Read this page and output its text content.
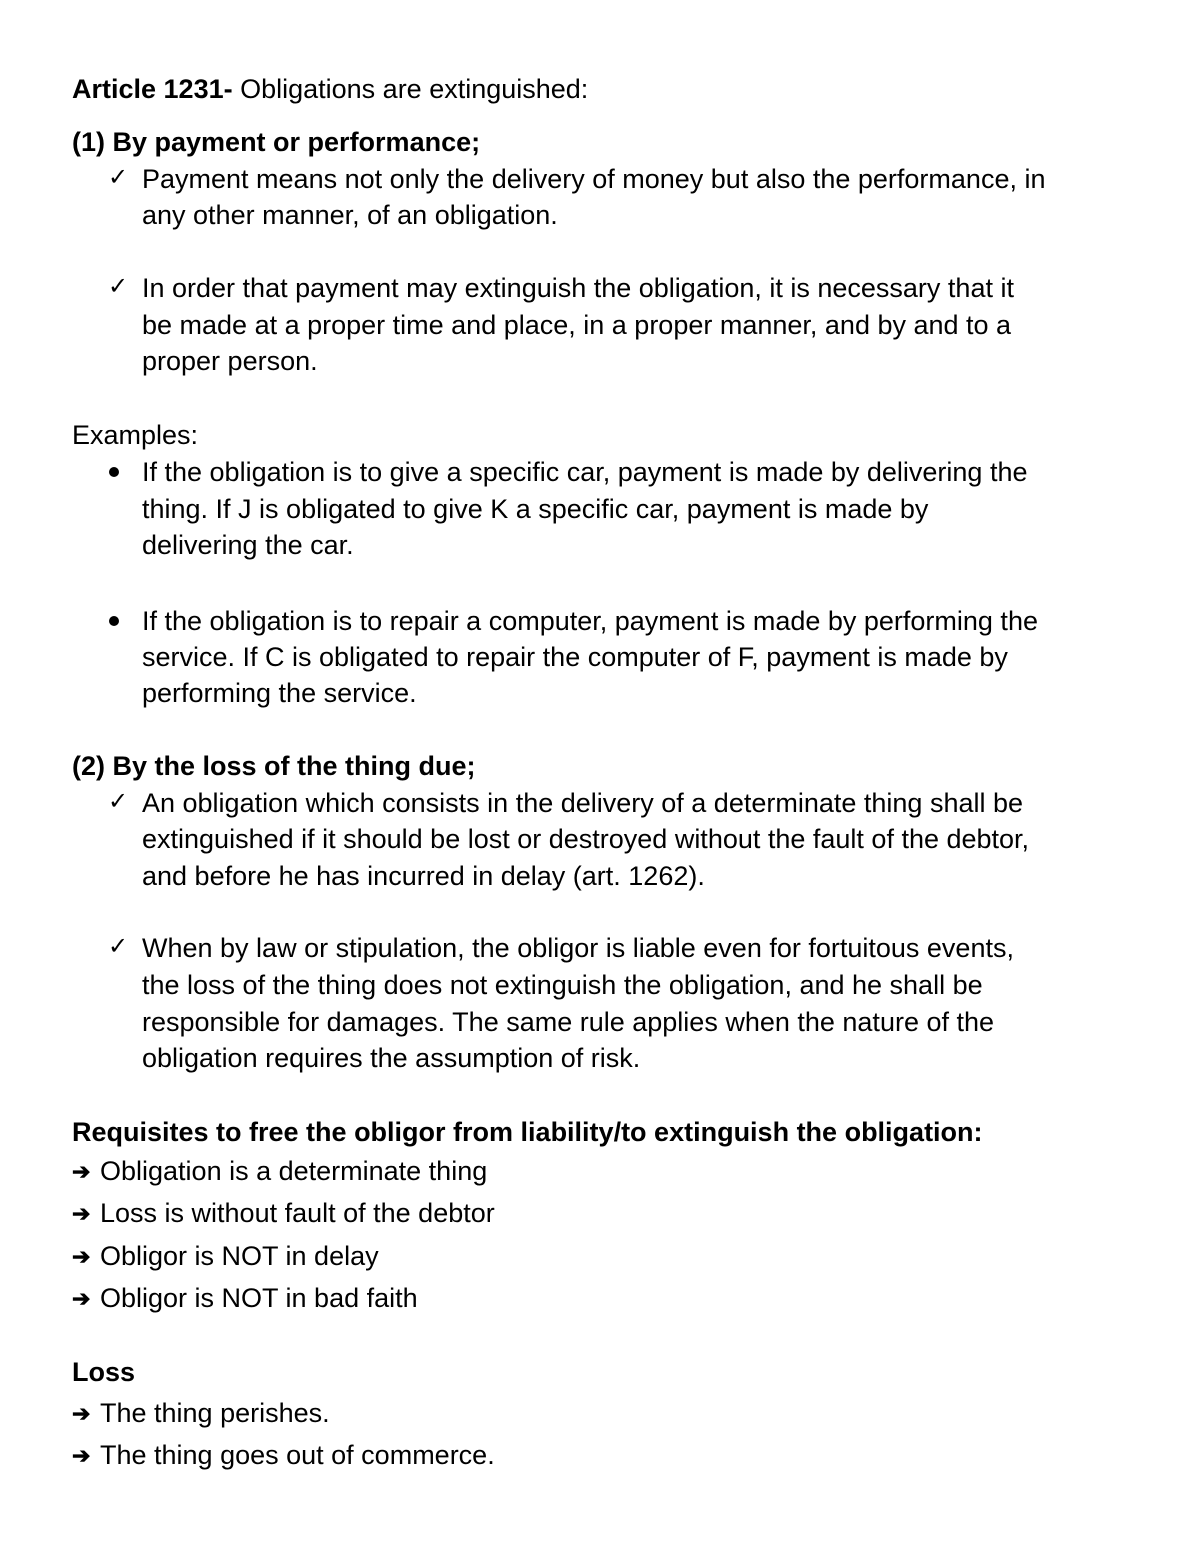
Article 1231- Obligations are extinguished:
(1) By payment or performance;
✓ Payment means not only the delivery of money but also the performance, in
any other manner, of an obligation.
✓ In order that payment may extinguish the obligation, it is necessary that it
be made at a proper time and place, in a proper manner, and by and to a
proper person.
Examples:
If the obligation is to give a specific car, payment is made by delivering the
thing. If J is obligated to give K a specific car, payment is made by
delivering the car.
If the obligation is to repair a computer, payment is made by performing the
service. If C is obligated to repair the computer of F, payment is made by
performing the service.
(2) By the loss of the thing due;
✓ An obligation which consists in the delivery of a determinate thing shall be
extinguished if it should be lost or destroyed without the fault of the debtor,
and before he has incurred in delay (art. 1262).
✓ When by law or stipulation, the obligor is liable even for fortuitous events,
the loss of the thing does not extinguish the obligation, and he shall be
responsible for damages. The same rule applies when the nature of the
obligation requires the assumption of risk.
Requisites to free the obligor from liability/to extinguish the obligation:
➔ Obligation is a determinate thing
➔ Loss is without fault of the debtor
➔ Obligor is NOT in delay
➔ Obligor is NOT in bad faith
Loss
➔ The thing perishes.
➔ The thing goes out of commerce.
